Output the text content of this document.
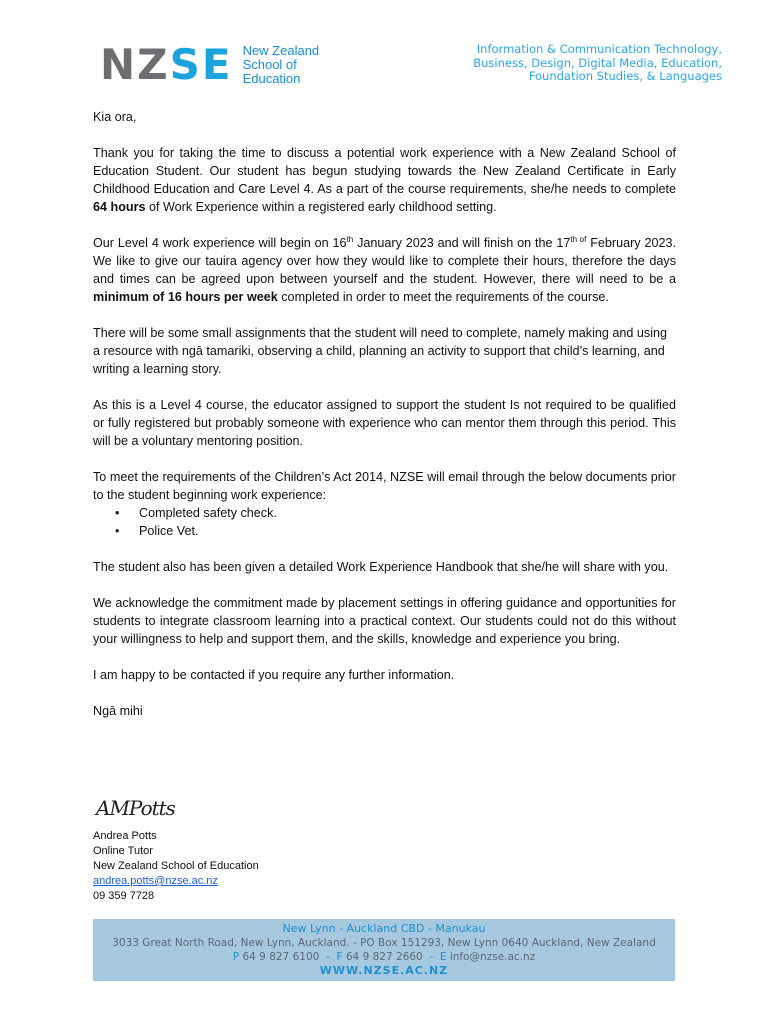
NZSE New Zealand
School of
Education
Information & Communication Technology,
Business, Design, Digital Media, Education,
Foundation Studies, & Languages

Kia ora,

Thank you for taking the time to discuss a potential work experience with a New Zealand School of Education Student. Our student has begun studying towards the New Zealand Certificate in Early Childhood Education and Care Level 4. As a part of the course requirements, she/he needs to complete 64 hours of Work Experience within a registered early childhood setting.

Our Level 4 work experience will begin on 16th January 2023 and will finish on the $17^{th of}$ February 2023. We like to give our tauira agency over how they would like to complete their hours, therefore the days and times can be agreed upon between yourself and the student. However, there will need to be a minimum of 16 hours per week completed in order to meet the requirements of the course.

There will be some small assignments that the student will need to complete, namely making and using a resource with ngā tamariki, observing a child, planning an activity to support that child’s learning, and writing a learning story.

As this is a Level 4 course, the educator assigned to support the student Is not required to be qualified or fully registered but probably someone with experience who can mentor them through this period. This will be a voluntary mentoring position.

To meet the requirements of the Children’s Act 2014, NZSE will email through the below documents prior to the student beginning work experience:

• Completed safety check.
• Police Vet.

The student also has been given a detailed Work Experience Handbook that she/he will share with you.

We acknowledge the commitment made by placement settings in offering guidance and opportunities for students to integrate classroom learning into a practical context. Our students could not do this without your willingness to help and support them, and the skills, knowledge and experience you bring.

I am happy to be contacted if you require any further information.

Ngā mihi

AMPotts
Andrea Potts
Online Tutor
New Zealand School of Education
andrea.potts@nzse.ac.nz
09 359 7728
New Lynn - Auckland CBD - Manukau
3033 Great North Road, New Lynn, Auckland. - PO Box 151293, New Lynn 0640 Auckland, New Zealand
P 64 9 827 6100 - F 64 9 827 2660 - E info@nzse.ac.nz
WWW.NZSE.AC.NZ
